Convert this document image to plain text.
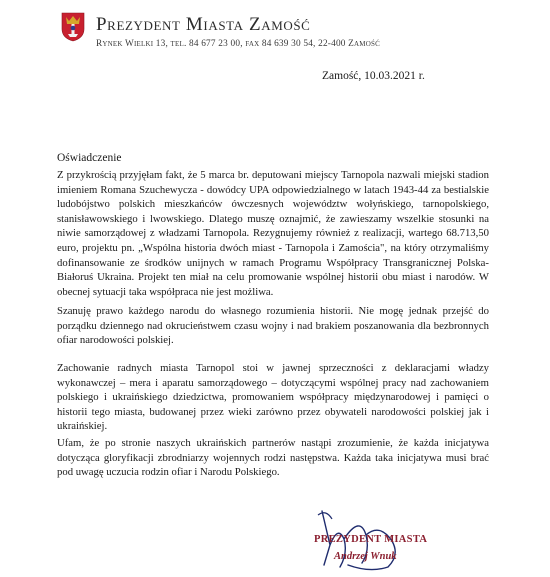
Prezydent Miasta Zamość
Rynek Wielki 13, tel. 84 677 23 00, fax 84 639 30 54, 22-400 Zamość
Zamość, 10.03.2021 r.
Oświadczenie
Z przykrością przyjęłam fakt, że 5 marca br. deputowani miejscy Tarnopola nazwali miejski stadion imieniem Romana Szuchewycza - dowódcy UPA odpowiedzialnego w latach 1943-44 za bestialskie ludobójstwo polskich mieszkańców ówczesnych województw wołyńskiego, tarnopolskiego, stanisławowskiego i lwowskiego. Dlatego muszę oznajmić, że zawieszamy wszelkie stosunki na niwie samorządowej z władzami Tarnopola. Rezygnujemy również z realizacji, wartego 68.713,50 euro, projektu pn. „Wspólna historia dwóch miast - Tarnopola i Zamościa", na który otrzymaliśmy dofinansowanie ze środków unijnych w ramach Programu Współpracy Transgranicznej Polska-Białoruś Ukraina. Projekt ten miał na celu promowanie wspólnej historii obu miast i narodów. W obecnej sytuacji taka współpraca nie jest możliwa.
Szanuję prawo każdego narodu do własnego rozumienia historii. Nie mogę jednak przejść do porządku dziennego nad okrucieństwem czasu wojny i nad brakiem poszanowania dla bezbronnych ofiar narodowości polskiej.
Zachowanie radnych miasta Tarnopol stoi w jawnej sprzeczności z deklaracjami władzy wykonawczej – mera i aparatu samorządowego – dotyczącymi wspólnej pracy nad zachowaniem polskiego i ukraińskiego dziedzictwa, promowaniem współpracy międzynarodowej i pamięci o historii tego miasta, budowanej przez wieki zarówno przez obywateli narodowości polskiej jak i ukraińskiej.
Ufam, że po stronie naszych ukraińskich partnerów nastąpi zrozumienie, że każda inicjatywa dotycząca gloryfikacji zbrodniarzy wojennych rodzi następstwa. Każda taka inicjatywa musi brać pod uwagę uczucia rodzin ofiar i Narodu Polskiego.
PREZYDENT MIASTA
Andrzej Wnuk
